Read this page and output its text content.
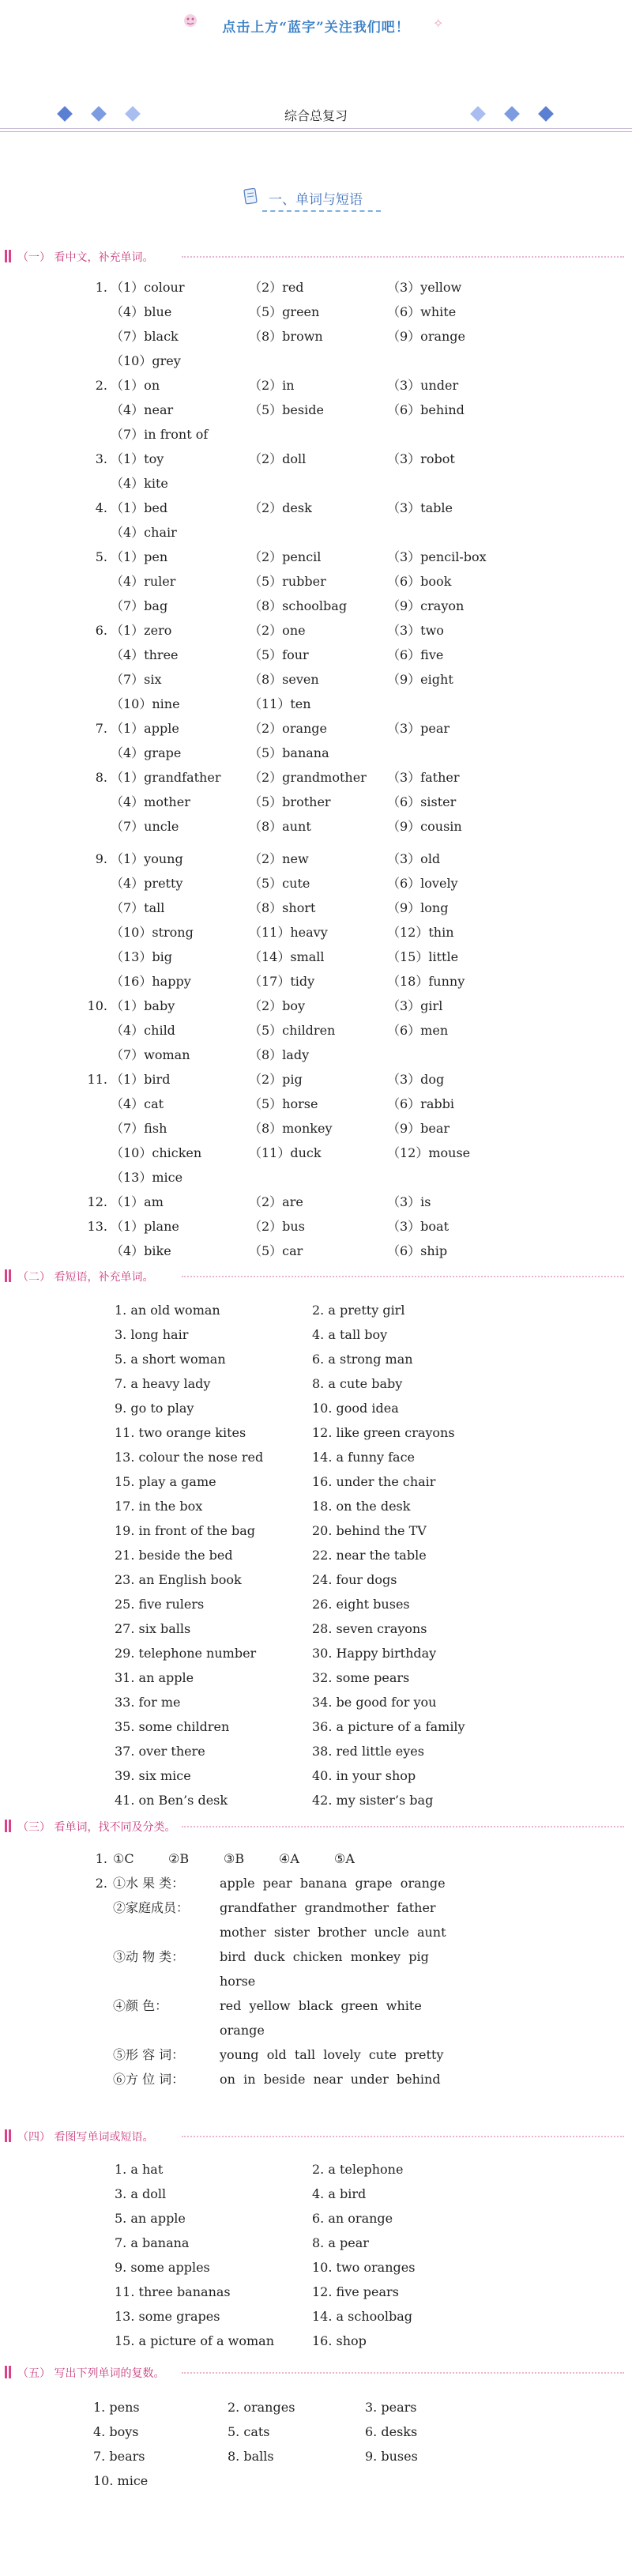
点击上方“蓝字”关注我们吧！	✧
综合总复习
一、单词与短语
（一） 看中文，补充单词。
1. （1）colour	（2）red	（3）yellow
（4）blue	（5）green	（6）white
（7）black	（8）brown	（9）orange
（10）grey
2. （1）on	（2）in	（3）under
（4）near	（5）beside	（6）behind
（7）in front of
3. （1）toy	（2）doll	（3）robot
（4）kite
4. （1）bed	（2）desk	（3）table
（4）chair
5. （1）pen	（2）pencil	（3）pencil-box
（4）ruler	（5）rubber	（6）book
（7）bag	（8）schoolbag	（9）crayon
6. （1）zero	（2）one	（3）two
（4）three	（5）four	（6）five
（7）six	（8）seven	（9）eight
（10）nine	（11）ten
7. （1）apple	（2）orange	（3）pear
（4）grape	（5）banana
8. （1）grandfather （2）grandmother （3）father
（4）mother	（5）brother	（6）sister
（7）uncle	（8）aunt	（9）cousin
9. （1）young	（2）new	（3）old
（4）pretty	（5）cute	（6）lovely
（7）tall	（8）short	（9）long
（10）strong	（11）heavy	（12）thin
（13）big	（14）small	（15）little
（16）happy	（17）tidy	（18）funny
10. （1）baby	（2）boy	（3）girl
（4）child	（5）children	（6）men
（7）woman	（8）lady
11. （1）bird	（2）pig	（3）dog
（4）cat	（5）horse	（6）rabbi
（7）fish	（8）monkey	（9）bear
（10）chicken	（11）duck	（12）mouse
（13）mice
12. （1）am	（2）are	（3）is
13. （1）plane	（2）bus	（3）boat
（4）bike	（5）car	（6）ship
（二） 看短语，补充单词。
1. an old woman	2. a pretty girl
3. long hair	4. a tall boy
5. a short woman	6. a strong man
7. a heavy lady	8. a cute baby
9. go to play	10. good idea
11. two orange kites	12. like green crayons
13. colour the nose red	14. a funny face
15. play a game	16. under the chair
17. in the box	18. on the desk
19. in front of the bag	20. behind the TV
21. beside the bed	22. near the table
23. an English book	24. four dogs
25. five rulers	26. eight buses
27. six balls	28. seven crayons
29. telephone number	30. Happy birthday
31. an apple	32. some pears
33. for me	34. be good for you
35. some children	36. a picture of a family
37. over there	38. red little eyes
39. six mice	40. in your shop
41. on Ben’s desk	42. my sister’s bag
（三） 看单词，找不同及分类。
1. ①C	②B	③B	④A	⑤A
2. ①水 果 类：	apple  pear  banana  grape  orange
②家庭成员： grandfather  grandmother  father
mother  sister  brother  uncle  aunt
③动 物 类：	bird  duck  chicken  monkey  pig
horse
④颜 色：	red  yellow  black  green  white
orange
⑤形 容 词：	young  old  tall  lovely  cute  pretty
⑥方 位 词：	on  in  beside  near  under  behind
（四） 看图写单词或短语。
1. a hat	2. a telephone
3. a doll	4. a bird
5. an apple	6. an orange
7. a banana	8. a pear
9. some apples	10. two oranges
11. three bananas	12. five pears
13. some grapes	14. a schoolbag
15. a picture of a woman	16. shop
（五） 写出下列单词的复数。
1. pens	2. oranges	3. pears
4. boys	5. cats	6. desks
7. bears	8. balls	9. buses
10. mice
